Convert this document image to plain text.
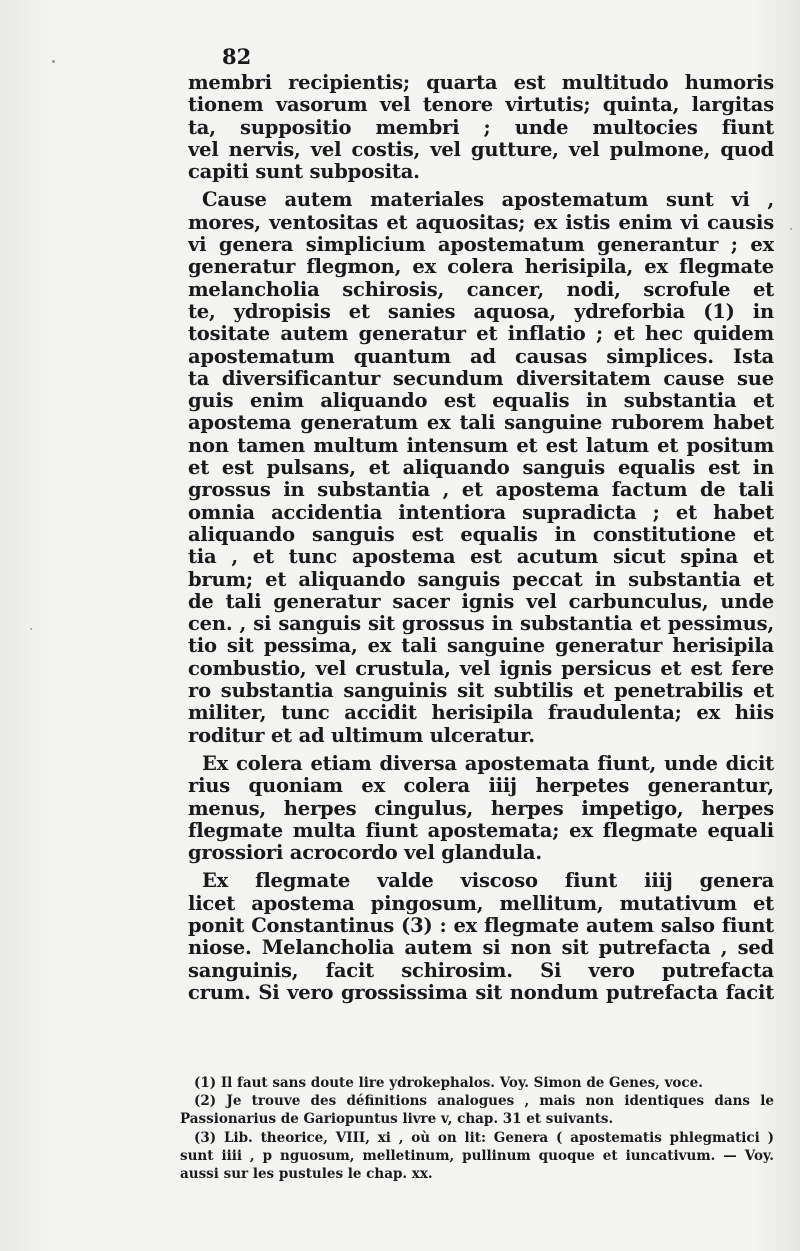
82
membri recipientis; quarta est multitudo humoris
tionem vasorum vel tenore virtutis; quinta, largitas
ta, suppositio membri ; unde multocies fiunt
vel nervis, vel costis, vel gutture, vel pulmone, quod
capiti sunt subposita.
Cause autem materiales apostematum sunt vi ,
mores, ventositas et aquositas; ex istis enim vi causis
vi genera simplicium apostematum generantur ; ex
generatur flegmon, ex colera herisipila, ex flegmate
melancholia schirosis, cancer, nodi, scrofule et
te, ydropisis et sanies aquosa, ydreforbia (1) in
tositate autem generatur et inflatio ; et hec quidem
apostematum quantum ad causas simplices. Ista
ta diversificantur secundum diversitatem cause sue
guis enim aliquando est equalis in substantia et
apostema generatum ex tali sanguine ruborem habet
non tamen multum intensum et est latum et positum
et est pulsans, et aliquando sanguis equalis est in
grossus in substantia , et apostema factum de tali
omnia accidentia intentiora supradicta ; et habet
aliquando sanguis est equalis in constitutione et
tia , et tunc apostema est acutum sicut spina et
brum; et aliquando sanguis peccat in substantia et
de tali generatur sacer ignis vel carbunculus, unde
cen. , si sanguis sit grossus in substantia et pessimus,
tio sit pessima, ex tali sanguine generatur herisipila
combustio, vel crustula, vel ignis persicus et est fere
ro substantia sanguinis sit subtilis et penetrabilis et
militer, tunc accidit herisipila fraudulenta; ex hiis
roditur et ad ultimum ulceratur.
Ex colera etiam diversa apostemata fiunt, unde dicit
rius quoniam ex colera iiij herpetes generantur,
menus, herpes cingulus, herpes impetigo, herpes
flegmate multa fiunt apostemata; ex flegmate equali
grossiori acrocordo vel glandula.
Ex flegmate valde viscoso fiunt iiij genera
licet apostema pingosum, mellitum, mutativum et
ponit Constantinus (3) : ex flegmate autem salso fiunt
niose. Melancholia autem si non sit putrefacta , sed
sanguinis, facit schirosim. Si vero putrefacta
crum. Si vero grossissima sit nondum putrefacta facit
(1) Il faut sans doute lire ydrokephalos. Voy. Simon de Genes, voce.
(2) Je trouve des définitions analogues , mais non identiques dans le
Passionarius de Gariopuntus livre v, chap. 31 et suivants.
(3) Lib. theorice, VIII, xi , où on lit: Genera ( apostematis phlegmatici )
sunt iiii , p nguosum, melletinum, pullinum quoque et iuncativum. — Voy.
aussi sur les pustules le chap. xx.
